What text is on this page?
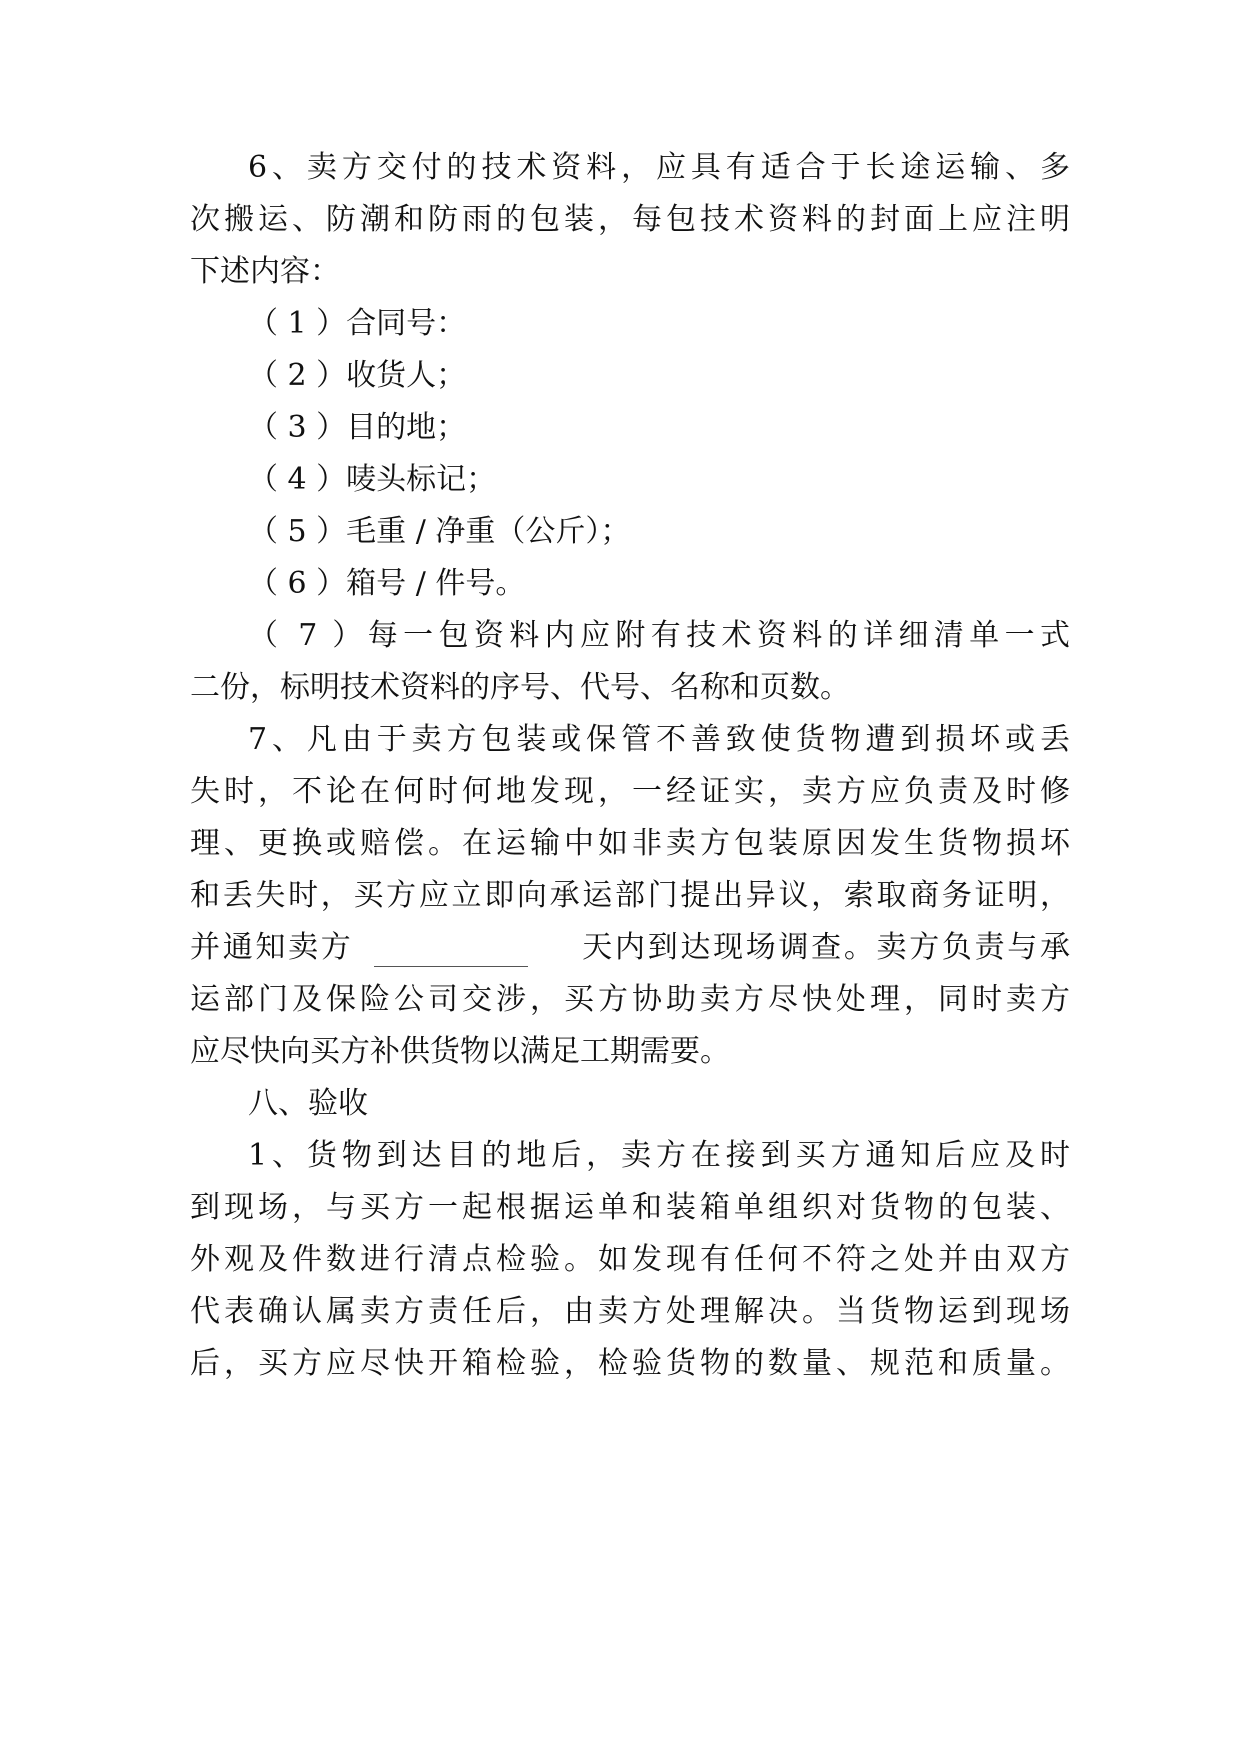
6、卖方交付的技术资料，应具有适合于长途运输、多
次搬运、防潮和防雨的包装，每包技术资料的封面上应注明
下述内容：
（ 1 ）合同号：
（ 2 ）收货人；
（ 3 ）目的地；
（ 4 ）唛头标记；
（ 5 ）毛重 / 净重（公斤）；
（ 6 ）箱号 / 件号。
（ 7 ）每一包资料内应附有技术资料的详细清单一式
二份，标明技术资料的序号、代号、名称和页数。
7、凡由于卖方包装或保管不善致使货物遭到损坏或丢
失时，不论在何时何地发现，一经证实，卖方应负责及时修
理、更换或赔偿。在运输中如非卖方包装原因发生货物损坏
和丢失时，买方应立即向承运部门提出异议，索取商务证明，
并通知卖方　　　　　　　天内到达现场调查。卖方负责与承
运部门及保险公司交涉，买方协助卖方尽快处理，同时卖方
应尽快向买方补供货物以满足工期需要。
八、验收
1、货物到达目的地后，卖方在接到买方通知后应及时
到现场，与买方一起根据运单和装箱单组织对货物的包装、
外观及件数进行清点检验。如发现有任何不符之处并由双方
代表确认属卖方责任后，由卖方处理解决。当货物运到现场
后，买方应尽快开箱检验，检验货物的数量、规范和质量。
